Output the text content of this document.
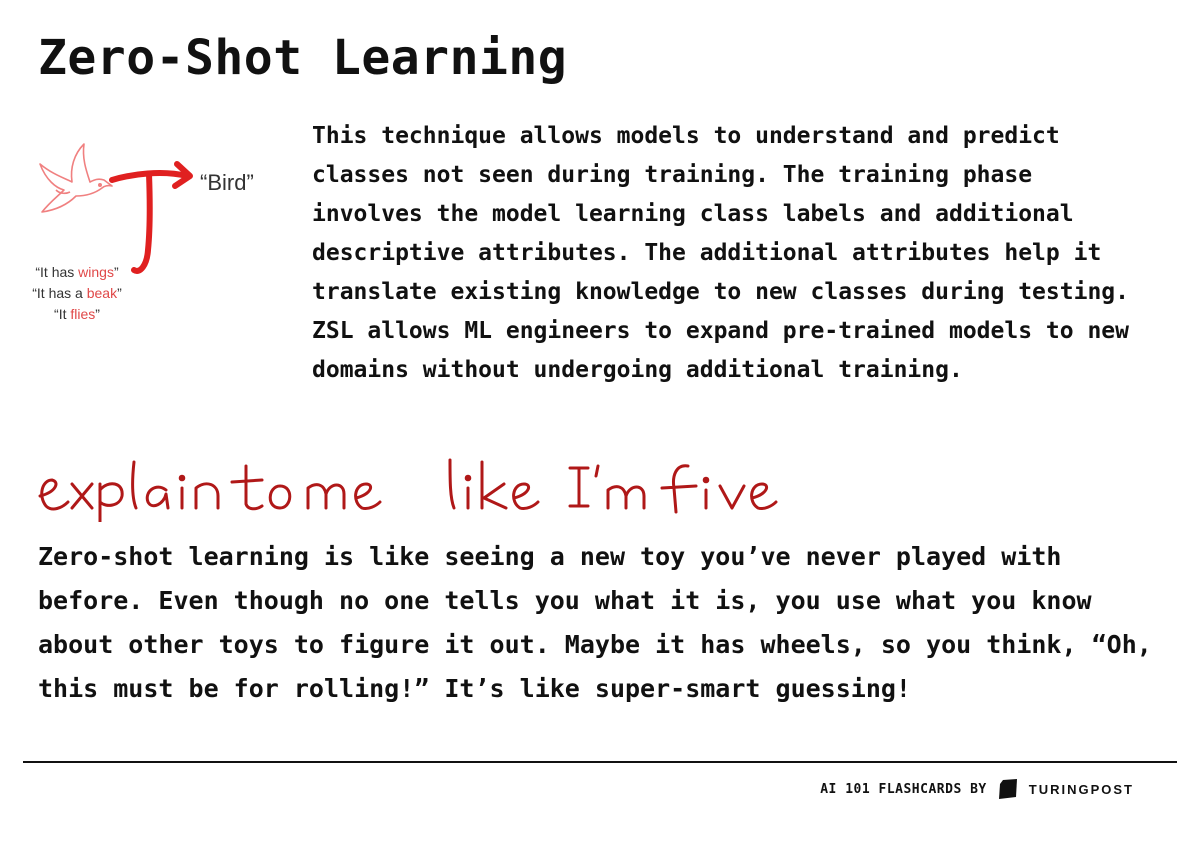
Zero-Shot Learning
“Bird”
“It has wings”
“It has a beak”
“It flies”

This technique allows models to understand and predict classes not seen during training. The training phase involves the model learning class labels and additional descriptive attributes. The additional attributes help it translate existing knowledge to new classes during testing. ZSL allows ML engineers to expand pre-trained models to new domains without undergoing additional training.

Zero-shot learning is like seeing a new toy you’ve never played with before. Even though no one tells you what it is, you use what you know about other toys to figure it out. Maybe it has wheels, so you think, “Oh, this must be for rolling!” It’s like super-smart guessing!

AI 101 FLASHCARDS BY	TURINGPOST
